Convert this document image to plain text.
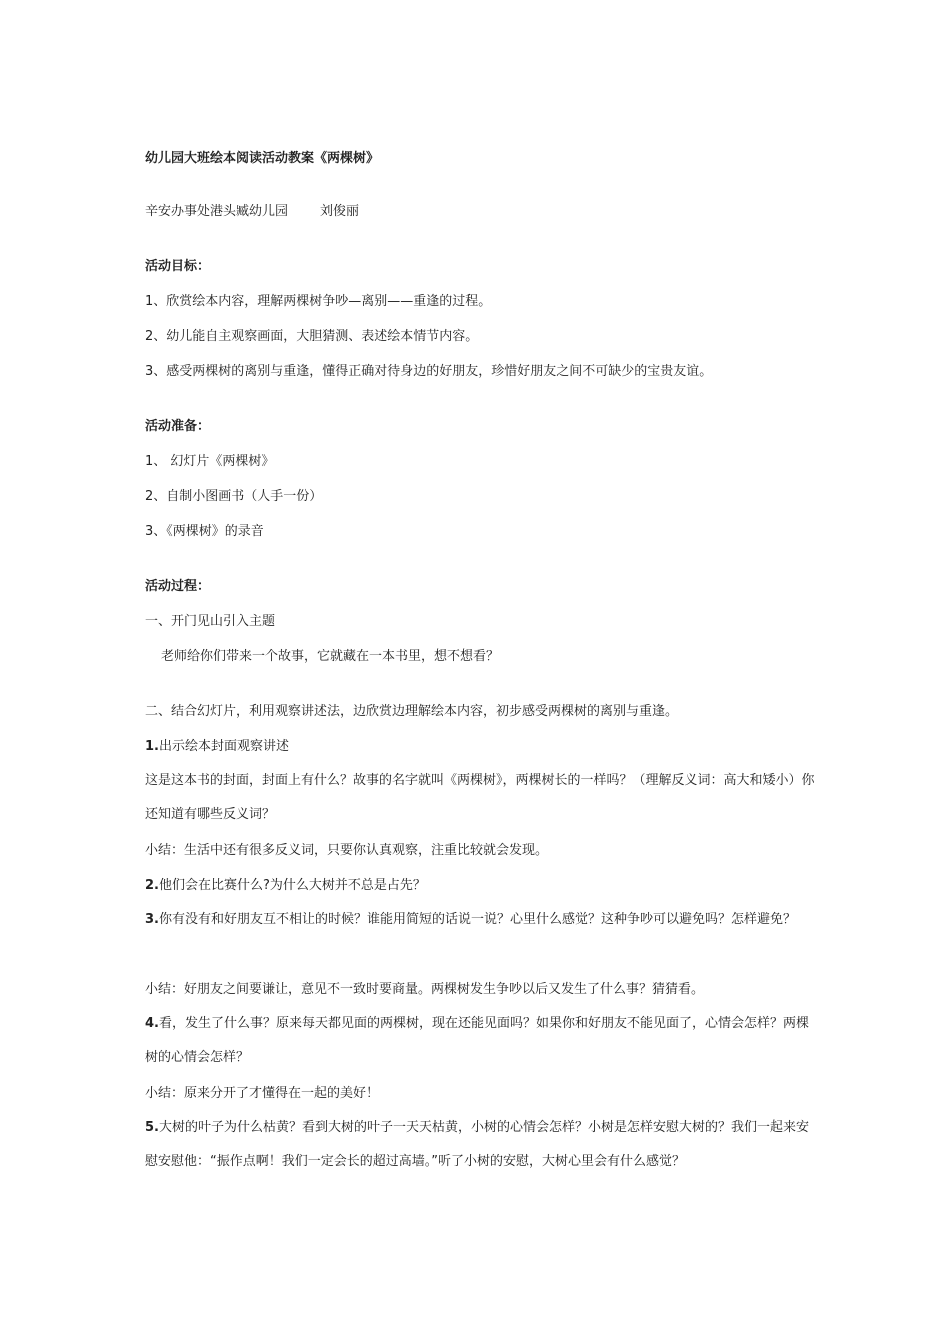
幼儿园大班绘本阅读活动教案《两棵树》
辛安办事处港头臧幼儿园 刘俊丽
活动目标：
1、欣赏绘本内容，理解两棵树争吵—离别——重逢的过程。
2、幼儿能自主观察画面，大胆猜测、表述绘本情节内容。
3、感受两棵树的离别与重逢，懂得正确对待身边的好朋友，珍惜好朋友之间不可缺少的宝贵友谊。
活动准备：
1、 幻灯片《两棵树》
2、自制小图画书（人手一份）
3、《两棵树》的录音
活动过程：
一、开门见山引入主题
老师给你们带来一个故事，它就藏在一本书里，想不想看？
二、结合幻灯片，利用观察讲述法，边欣赏边理解绘本内容，初步感受两棵树的离别与重逢。
1.出示绘本封面观察讲述
这是这本书的封面，封面上有什么？故事的名字就叫《两棵树》，两棵树长的一样吗？（理解反义词：高大和矮小）你还知道有哪些反义词？
小结：生活中还有很多反义词，只要你认真观察，注重比较就会发现。
2.他们会在比赛什么?为什么大树并不总是占先？
3.你有没有和好朋友互不相让的时候？谁能用简短的话说一说？心里什么感觉？这种争吵可以避免吗？怎样避免？
小结：好朋友之间要谦让，意见不一致时要商量。两棵树发生争吵以后又发生了什么事？猜猜看。
4.看，发生了什么事？原来每天都见面的两棵树，现在还能见面吗？如果你和好朋友不能见面了，心情会怎样？两棵树的心情会怎样？
小结：原来分开了才懂得在一起的美好！
5.大树的叶子为什么枯黄？看到大树的叶子一天天枯黄，小树的心情会怎样？小树是怎样安慰大树的？我们一起来安慰安慰他：“振作点啊！我们一定会长的超过高墙。”听了小树的安慰，大树心里会有什么感觉？
